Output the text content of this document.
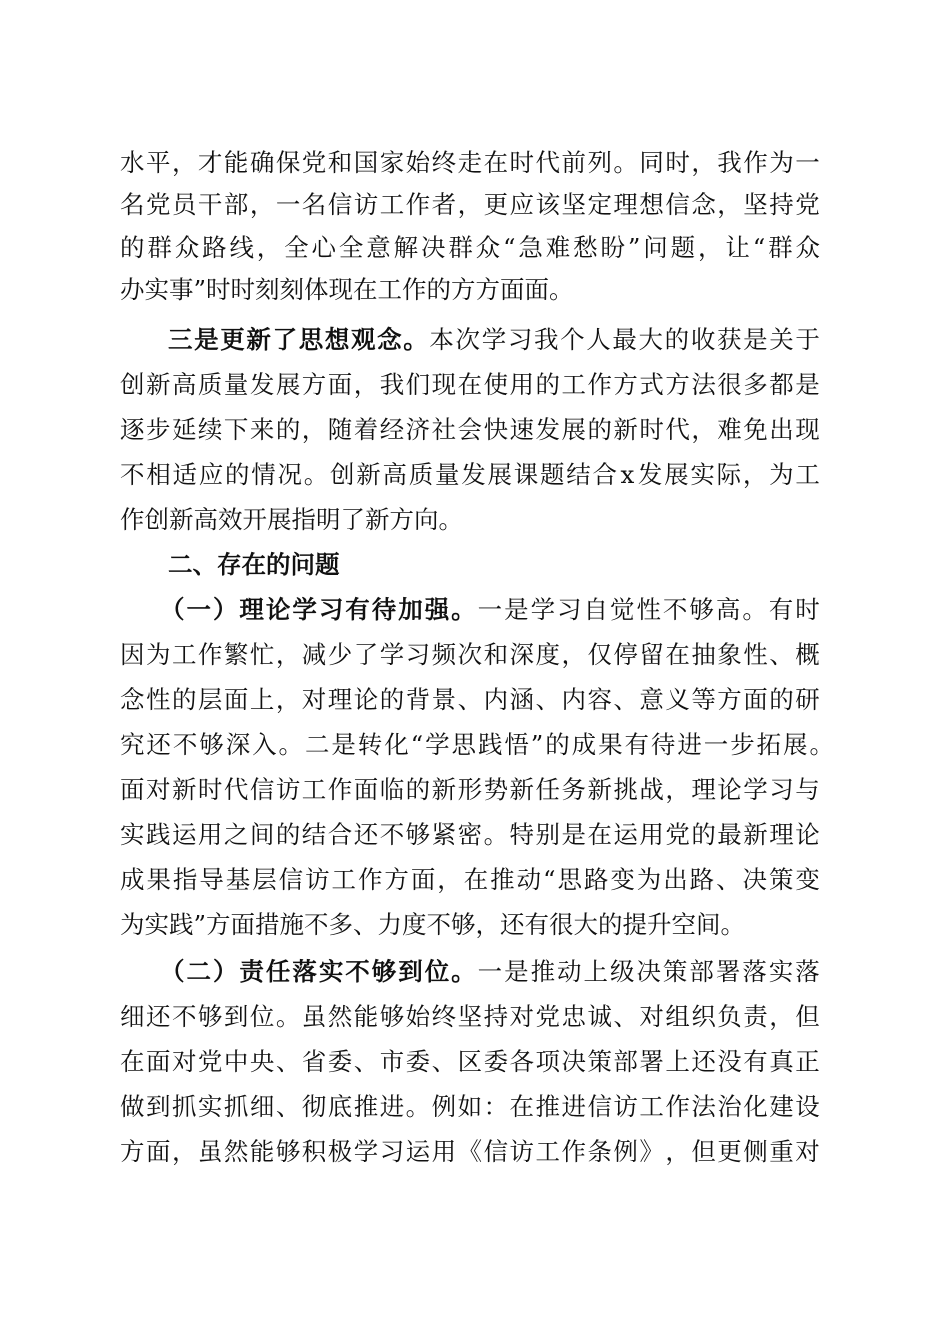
水 平 ， 才 能 确 保 党 和 国 家 始 终 走 在 时 代 前 列 。 同 时 ， 我 作 为 一
名 党 员 干 部 ， 一 名 信 访 工 作 者 ， 更 应 该 坚 定 理 想 信 念 ， 坚 持 党
的 群 众 路 线 ， 全 心 全 意 解 决 群 众 “ 急 难 愁 盼 ” 问 题 ， 让 “ 群 众
办实事”时时刻刻体现在工作的方方面面。
三 是 更 新 了 思 想 观 念 。 本 次 学 习 我 个 人 最 大 的 收 获 是 关 于
创 新 高 质 量 发 展 方 面 ， 我 们 现 在 使 用 的 工 作 方 式 方 法 很 多 都 是
逐 步 延 续 下 来 的 ， 随 着 经 济 社 会 快 速 发 展 的 新 时 代 ， 难 免 出 现
不 相 适 应 的 情 况 。 创 新 高 质 量 发 展 课 题 结 合 x 发 展 实 际 ， 为 工
作创新高效开展指明了新方向。
二、存在的问题
（ 一 ） 理 论 学 习 有 待 加 强 。 一 是 学 习 自 觉 性 不 够 高 。 有 时
因 为 工 作 繁 忙 ， 减 少 了 学 习 频 次 和 深 度 ， 仅 停 留 在 抽 象 性 、 概
念 性 的 层 面 上 ， 对 理 论 的 背 景 、 内 涵 、 内 容 、 意 义 等 方 面 的 研
究 还 不 够 深 入 。 二 是 转 化 “ 学 思 践 悟 ” 的 成 果 有 待 进 一 步 拓 展 。
面 对 新 时 代 信 访 工 作 面 临 的 新 形 势 新 任 务 新 挑 战 ， 理 论 学 习 与
实 践 运 用 之 间 的 结 合 还 不 够 紧 密 。 特 别 是 在 运 用 党 的 最 新 理 论
成 果 指 导 基 层 信 访 工 作 方 面 ， 在 推 动 “ 思 路 变 为 出 路 、 决 策 变
为实践”方面措施不多、力度不够，还有很大的提升空间。
（ 二 ） 责 任 落 实 不 够 到 位 。 一 是 推 动 上 级 决 策 部 署 落 实 落
细 还 不 够 到 位 。 虽 然 能 够 始 终 坚 持 对 党 忠 诚 、 对 组 织 负 责 ， 但
在 面 对 党 中 央 、 省 委 、 市 委 、 区 委 各 项 决 策 部 署 上 还 没 有 真 正
做 到 抓 实 抓 细 、 彻 底 推 进 。 例 如 ： 在 推 进 信 访 工 作 法 治 化 建 设
方 面 ， 虽 然 能 够 积 极 学 习 运 用 《 信 访 工 作 条 例 》 ， 但 更 侧 重 对
